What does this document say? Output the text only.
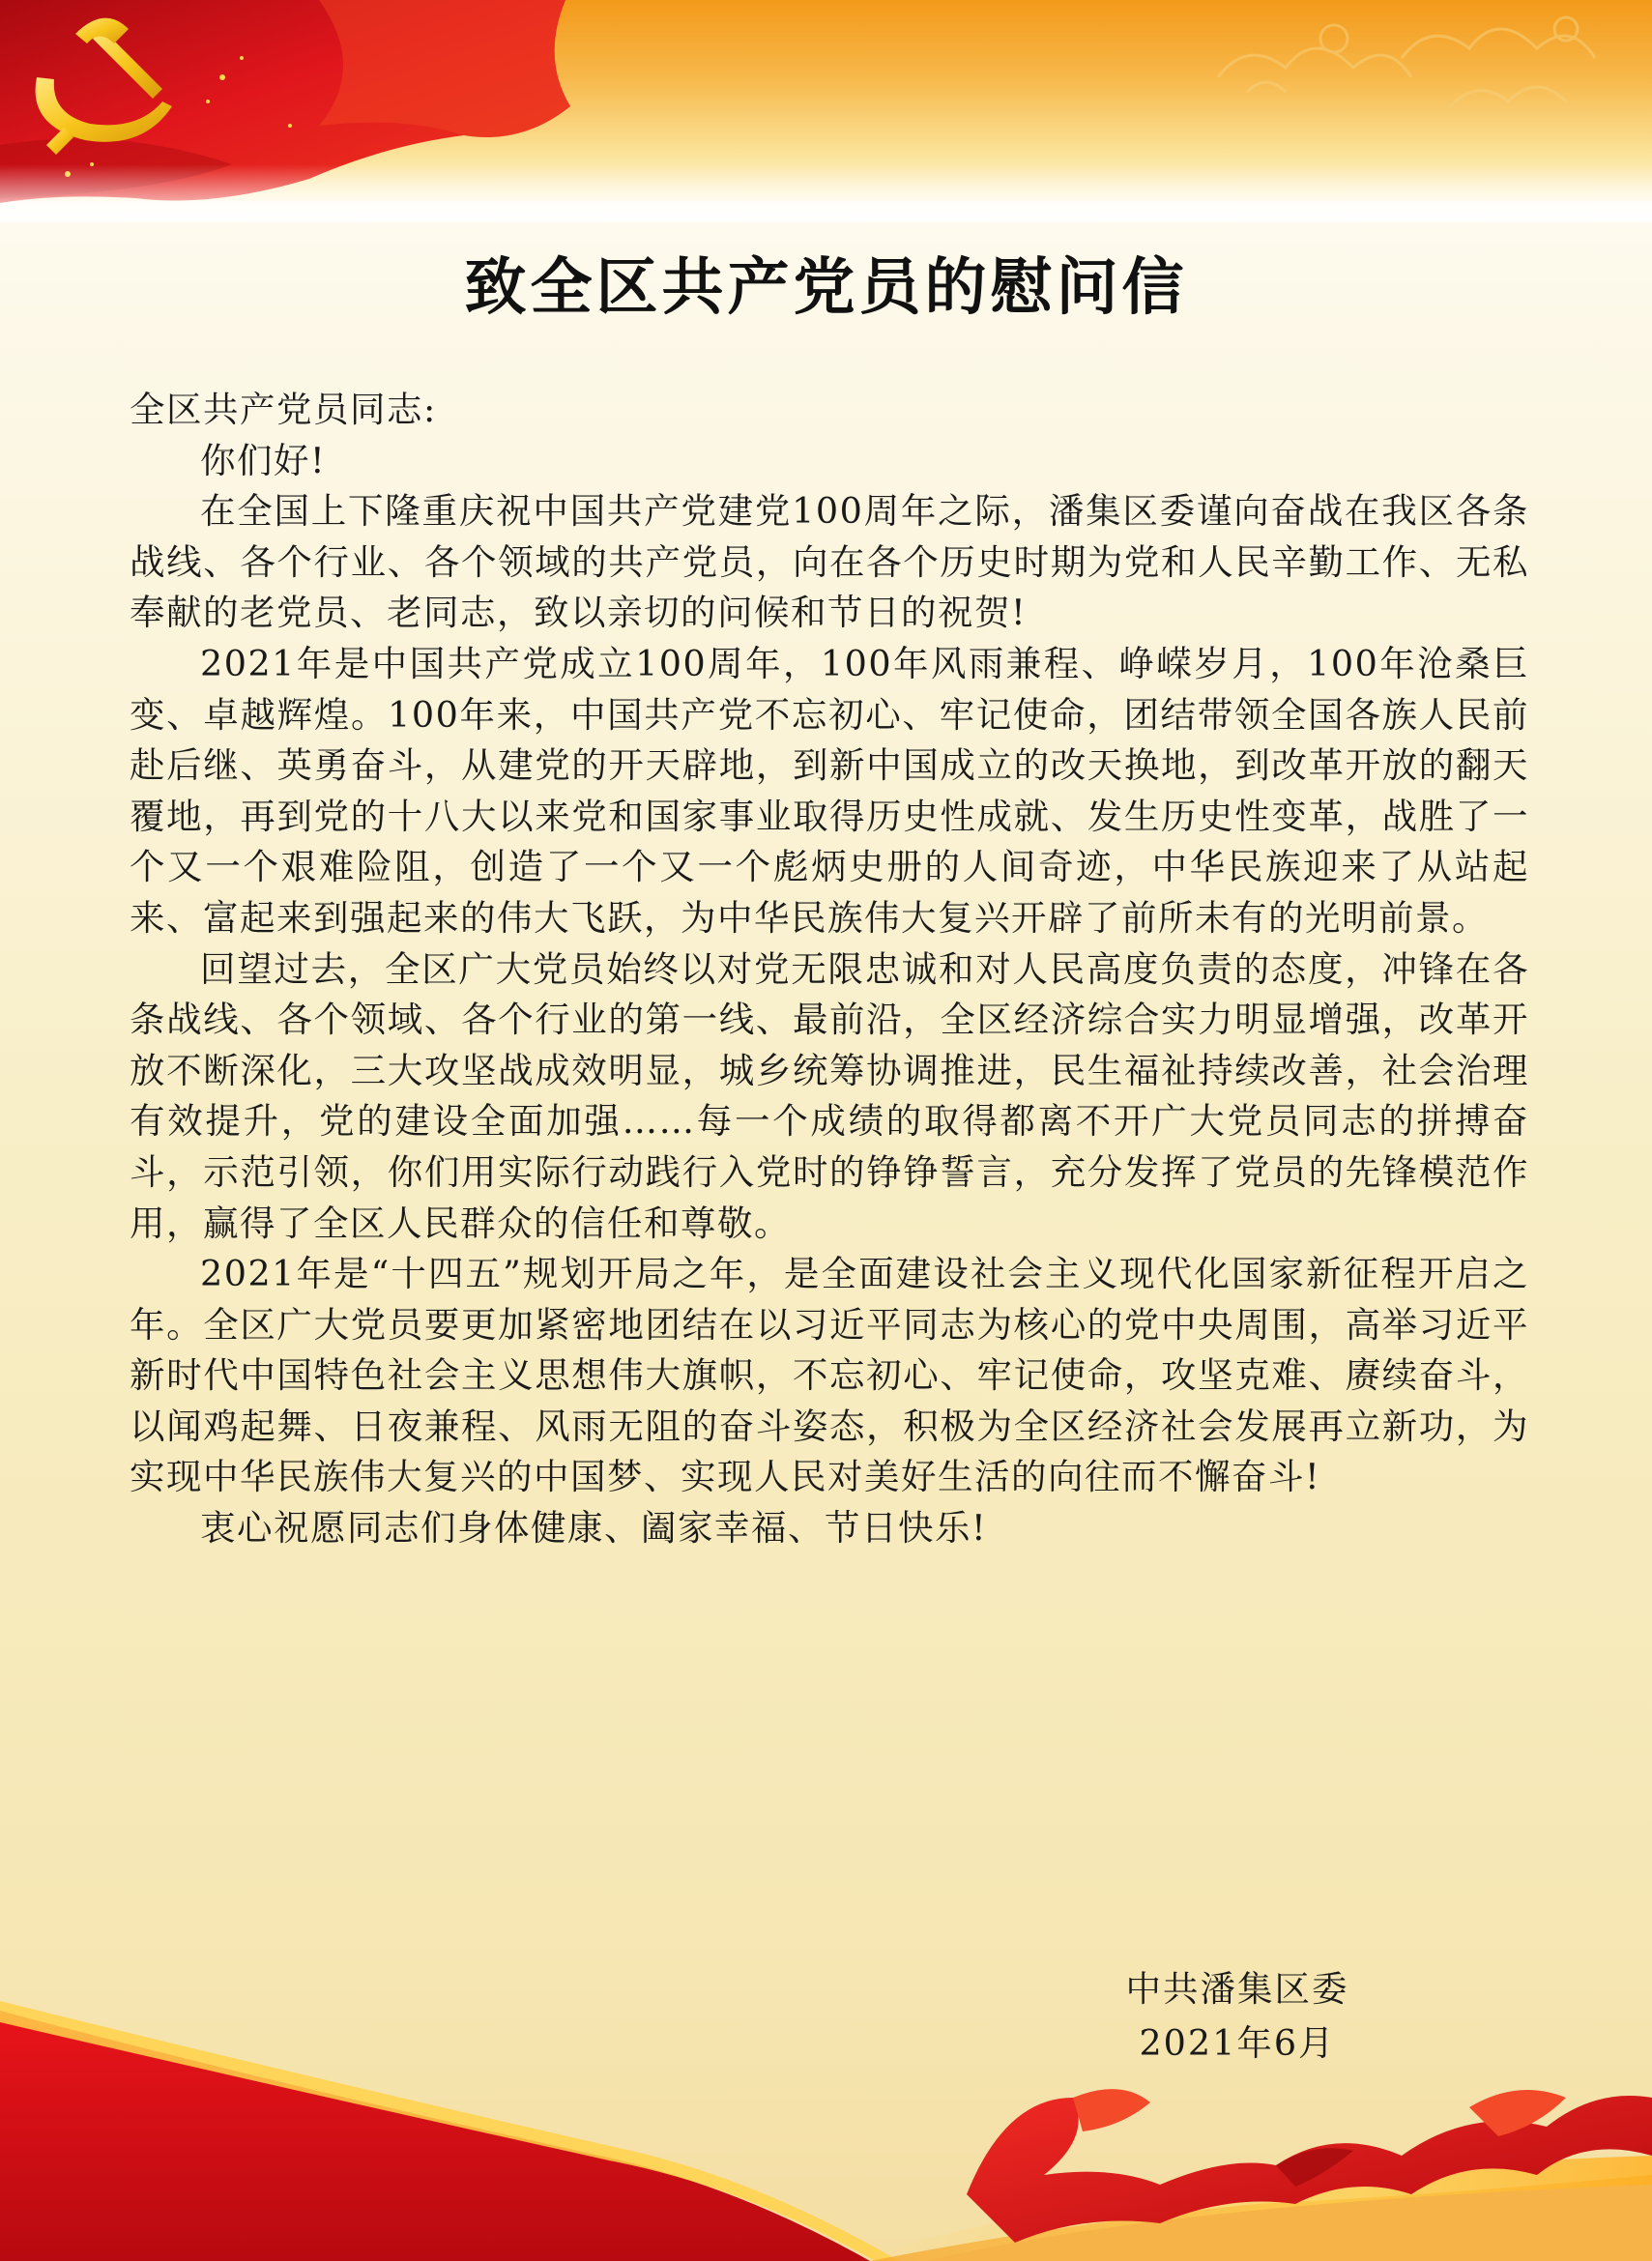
致全区共产党员的慰问信

全区共产党员同志:

你们好!

在全国上下隆重庆祝中国共产党建党100周年之际，潘集区委谨向奋战在我区各条战线、各个行业、各个领域的共产党员，向在各个历史时期为党和人民辛勤工作、无私奉献的老党员、老同志，致以亲切的问候和节日的祝贺!

2021年是中国共产党成立100周年，100年风雨兼程、峥嵘岁月，100年沧桑巨变、卓越辉煌。100年来，中国共产党不忘初心、牢记使命，团结带领全国各族人民前赴后继、英勇奋斗，从建党的开天辟地，到新中国成立的改天换地，到改革开放的翻天覆地，再到党的十八大以来党和国家事业取得历史性成就、发生历史性变革，战胜了一个又一个艰难险阻，创造了一个又一个彪炳史册的人间奇迹，中华民族迎来了从站起来、富起来到强起来的伟大飞跃，为中华民族伟大复兴开辟了前所未有的光明前景。

回望过去，全区广大党员始终以对党无限忠诚和对人民高度负责的态度，冲锋在各条战线、各个领域、各个行业的第一线、最前沿，全区经济综合实力明显增强，改革开放不断深化，三大攻坚战成效明显，城乡统筹协调推进，民生福祉持续改善，社会治理有效提升，党的建设全面加强……每一个成绩的取得都离不开广大党员同志的拼搏奋斗，示范引领，你们用实际行动践行入党时的铮铮誓言，充分发挥了党员的先锋模范作用，赢得了全区人民群众的信任和尊敬。

2021年是“十四五”规划开局之年，是全面建设社会主义现代化国家新征程开启之年。全区广大党员要更加紧密地团结在以习近平同志为核心的党中央周围，高举习近平新时代中国特色社会主义思想伟大旗帜，不忘初心、牢记使命，攻坚克难、赓续奋斗，以闻鸡起舞、日夜兼程、风雨无阻的奋斗姿态，积极为全区经济社会发展再立新功，为实现中华民族伟大复兴的中国梦、实现人民对美好生活的向往而不懈奋斗!

衷心祝愿同志们身体健康、阖家幸福、节日快乐!

中共潘集区委
2021年6月
